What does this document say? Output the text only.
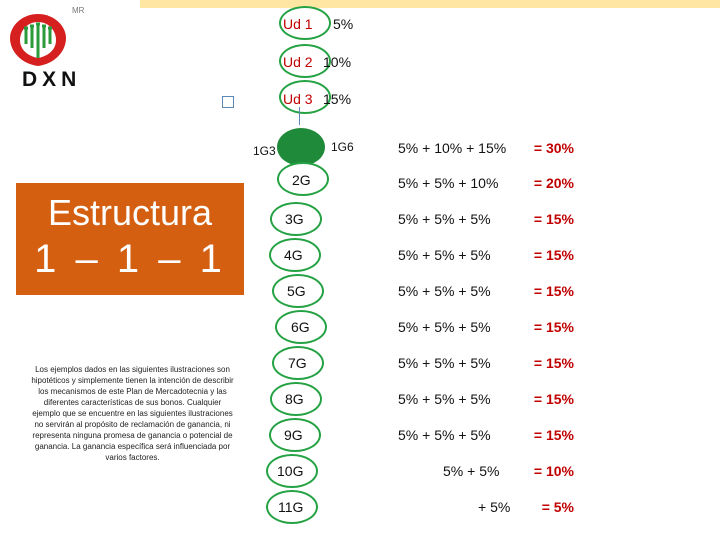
MR
DXN
Ud 1 5%
Ud 2 10%
Ud 3 15%
1G3	1G6	5% + 10% + 15% = 30%
Estructura
1 – 1 – 1
Los ejemplos dados en las siguientes ilustraciones son hipotéticos y simplemente tienen la intención de describir los mecanismos de este Plan de Mercadotecnia y las diferentes características de sus bonos. Cualquier ejemplo que se encuentre en las siguientes ilustraciones no servirán al propósito de reclamación de ganancia, ni representa ninguna promesa de ganancia o potencial de ganancia. La ganancia específica será influenciada por varios factores.
2G	5% + 5% + 10%	= 20%
3G	5% + 5% + 5%	= 15%
4G	5% + 5% + 5%	= 15%
5G	5% + 5% + 5%	= 15%
6G	5% + 5% + 5%	= 15%
7G	5% + 5% + 5%	= 15%
8G	5% + 5% + 5%	= 15%
9G	5% + 5% + 5%	= 15%
10G	5% + 5% = 10%
11G	+ 5% = 5%
